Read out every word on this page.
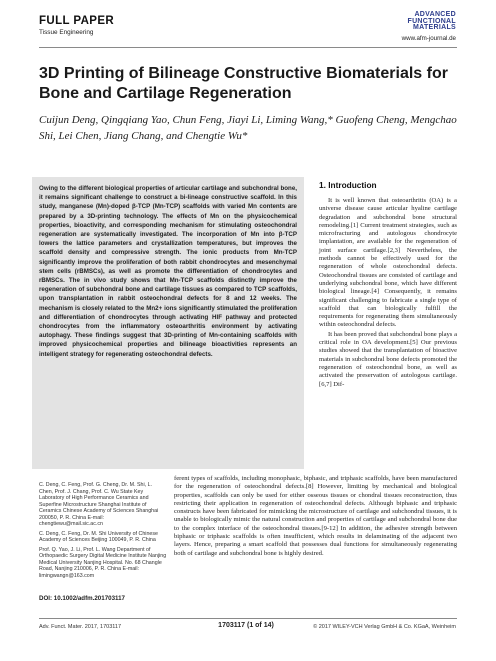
FULL PAPER
Tissue Engineering
ADVANCED
FUNCTIONAL
MATERIALS
www.afm-journal.de
3D Printing of Bilineage Constructive Biomaterials for Bone and Cartilage Regeneration
Cuijun Deng, Qingqiang Yao, Chun Feng, Jiayi Li, Liming Wang,* Guofeng Cheng, Mengchao Shi, Lei Chen, Jiang Chang, and Chengtie Wu*
Owing to the different biological properties of articular cartilage and subchondral bone, it remains significant challenge to construct a bi-lineage constructive scaffold. In this study, manganese (Mn)-doped β-TCP (Mn-TCP) scaffolds with varied Mn contents are prepared by a 3D-printing technology. The effects of Mn on the physicochemical properties, bioactivity, and corresponding mechanism for stimulating osteochondral regeneration are systematically investigated. The incorporation of Mn into β-TCP lowers the lattice parameters and crystallization temperatures, but improves the scaffold density and compressive strength. The ionic products from Mn-TCP significantly improve the proliferation of both rabbit chondrocytes and mesenchymal stem cells (rBMSCs), as well as promote the differentiation of chondrocytes and rBMSCs. The in vivo study shows that Mn-TCP scaffolds distinctly improve the regeneration of subchondral bone and cartilage tissues as compared to TCP scaffolds, upon transplantation in rabbit osteochondral defects for 8 and 12 weeks. The mechanism is closely related to the Mn2+ ions significantly stimulated the proliferation and differentiation of chondrocytes through activating HIF pathway and protected chondrocytes from the inflammatory osteoarthritis environment by activating autophagy. These findings suggest that 3D-printing of Mn-containing scaffolds with improved physicochemical properties and bilineage bioactivities represents an intelligent strategy for regenerating osteochondral defects.
1. Introduction

It is well known that osteoarthritis (OA) is a universe disease cause articular hyaline cartilage degradation and subchondral bone structural remodeling.[1] Current treatment strategies, such as microfracturing and autologous chondrocyte implantation, are available for the regeneration of joint surface cartilage.[2,3] Nevertheless, the methods cannot be effectively used for the regeneration of whole osteochondral defects. Osteochondral tissues are consisted of cartilage and underlying subchondral bone, which have different biological lineage.[4] Consequently, it remains significant challenging to fabricate a single type of scaffold that can biologically fulfill the requirements for regenerating them simultaneously within osteochondral defects.

It has been proved that subchondral bone plays a critical role in OA development.[5] Our previous studies showed that the transplantation of bioactive materials in subchondral bone defects promoted the regeneration of osteochondral bone, as well as activated the preservation of autologous cartilage.[6,7] Dif-

ferent types of scaffolds, including monophasic, biphasic, and triphasic scaffolds, have been manufactured for the regeneration of osteochondral defects.[8] However, limiting by mechanical and biological properties, scaffolds can only be used for either osseous tissues or chondral tissues reconstruction, thus restricting their application in regeneration of osteochondral defects. Although biphasic and triphasic constructs have been fabricated for mimicking the microstructure of cartilage and subchondral tissues, it is unable to biologically mimic the natural construction and properties of cartilage and subchondral bone due to the complex interface of the osteochondral tissues.[9-12] In addition, the adhesive strength between biphasic or triphasic scaffolds is often insufficient, which results in delaminating of the adjacent two layers. Hence, preparing a smart scaffold that possesses dual functions for simultaneously regenerating both of cartilage and subchondral bone is highly desired.

C. Deng, C. Feng, Prof. G. Cheng, Dr. M. Shi, L. Chen, Prof. J. Chang, Prof. C. Wu State Key Laboratory of High Performance Ceramics and Superfine Microstructure Shanghai Institute of Ceramics Chinese Academy of Sciences Shanghai 200050, P. R. China E-mail: chengtiewu@mail.sic.ac.cn

C. Deng, C. Feng, Dr. M. Shi University of Chinese Academy of Sciences Beijing 100049, P. R. China

Prof. Q. Yao, J. Li, Prof. L. Wang Department of Orthopaedic Surgery Digital Medicine Institute Nanjing Medical University Nanjing Hospital. No. 68 Changle Road, Nanjing 210006, P. R. China E-mail: limingwangn@163.com

DOI: 10.1002/adfm.201703117
Adv. Funct. Mater. 2017, 1703117	1703117 (1 of 14)	© 2017 WILEY-VCH Verlag GmbH & Co. KGaA, Weinheim
